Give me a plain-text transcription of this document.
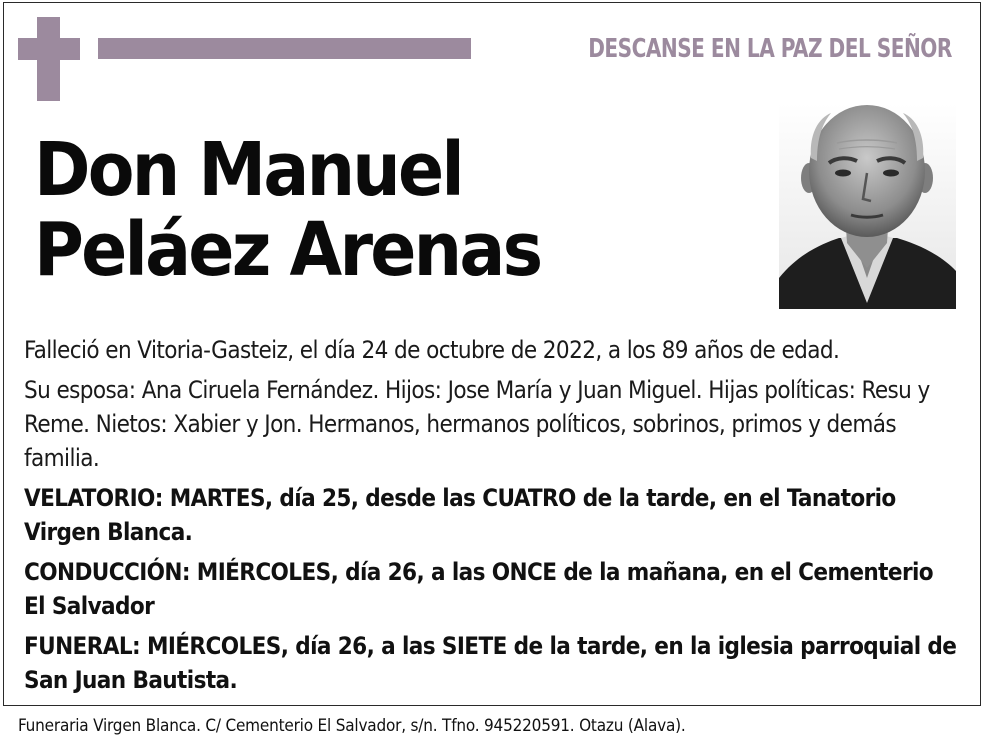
DESCANSE EN LA PAZ DEL SEÑOR
Don Manuel
Peláez Arenas

Falleció en Vitoria-Gasteiz, el día 24 de octubre de 2022, a los 89 años de edad.

Su esposa: Ana Ciruela Fernández. Hijos: Jose María y Juan Miguel. Hijas políticas: Resu y Reme. Nietos: Xabier y Jon. Hermanos, hermanos políticos, sobrinos, primos y demás familia.

VELATORIO: MARTES, día 25, desde las CUATRO de la tarde, en el Tanatorio Virgen Blanca.

CONDUCCIÓN: MIÉRCOLES, día 26, a las ONCE de la mañana, en el Cementerio El Salvador

FUNERAL: MIÉRCOLES, día 26, a las SIETE de la tarde, en la iglesia parroquial de San Juan Bautista.

Funeraria Virgen Blanca. C/ Cementerio El Salvador, s/n. Tfno. 945220591. Otazu (Alava).
